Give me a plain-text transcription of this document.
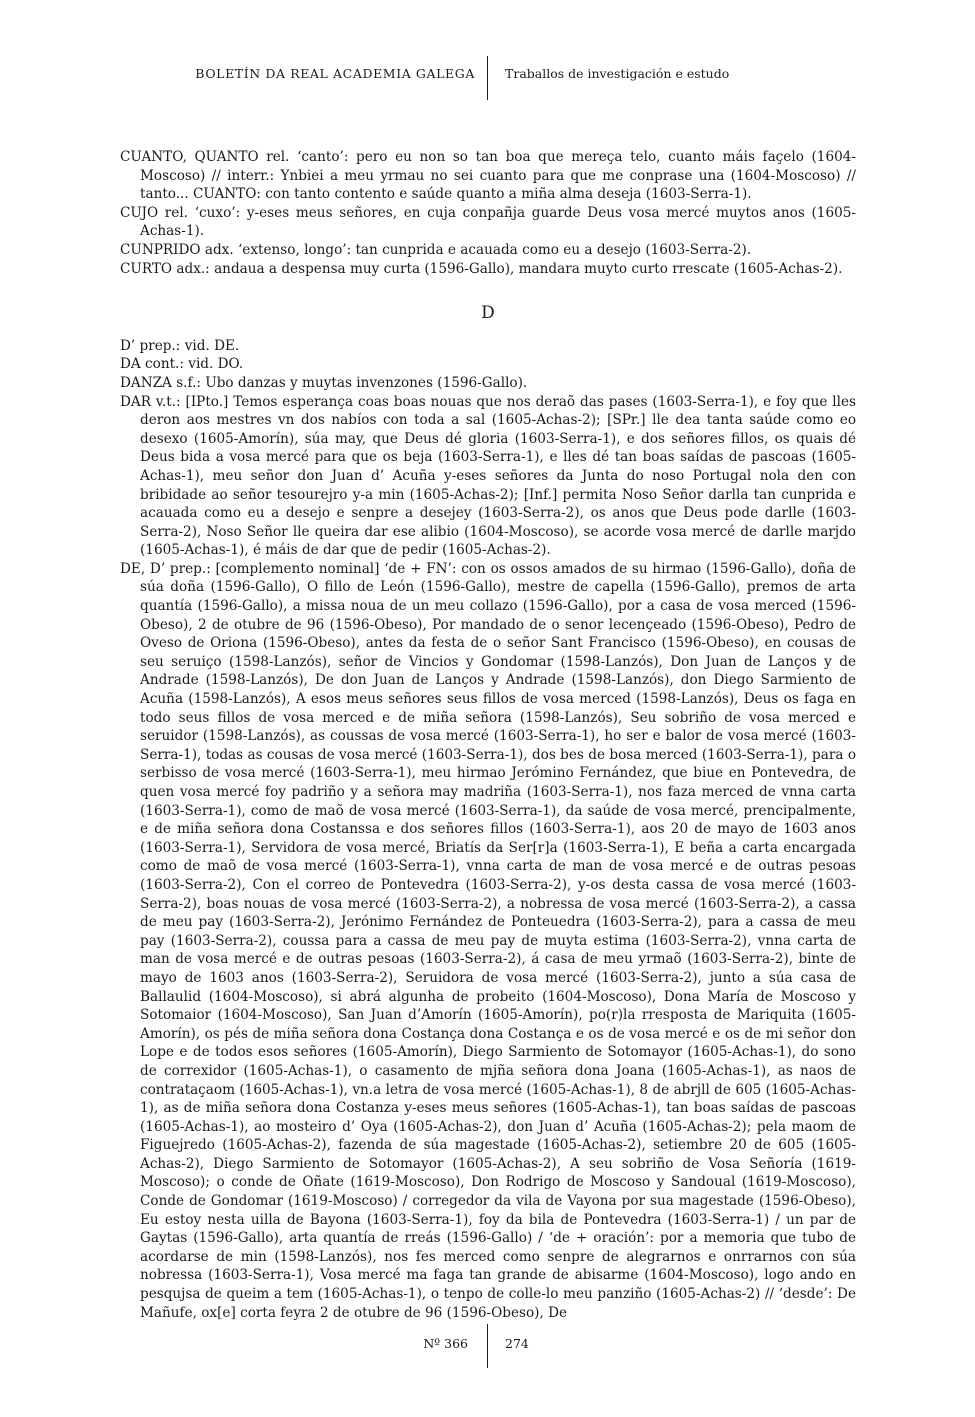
BOLETÍN DA REAL ACADEMIA GALEGA Traballos de investigación e estudo

CUANTO, QUANTO rel. ‘canto’: pero eu non so tan boa que mereça telo, cuanto máis façelo (1604-Moscoso) // interr.: Ynbiei a meu yrmau no sei cuanto para que me conprase una (1604-Moscoso) // tanto... CUANTO: con tanto contento e saúde quanto a miña alma deseja (1603-Serra-1).

CUJO rel. ‘cuxo’: y-eses meus señores, en cuja conpañja guarde Deus vosa mercé muytos anos (1605-Achas-1).

CUNPRIDO adx. ‘extenso, longo’: tan cunprida e acauada como eu a desejo (1603-Serra-2).

CURTO adx.: andaua a despensa muy curta (1596-Gallo), mandara muyto curto rrescate (1605-Achas-2).

D

D’ prep.: vid. DE.

DA cont.: vid. DO.

DANZA s.f.: Ubo danzas y muytas invenzones (1596-Gallo).

DAR v.t.: [IPto.] Temos esperança coas boas nouas que nos deraõ das pases (1603-Serra-1), e foy que lles deron aos mestres vn dos nabíos con toda a sal (1605-Achas-2); [SPr.] lle dea tanta saúde como eo desexo (1605-Amorín), súa may, que Deus dé gloria (1603-Serra-1), e dos señores fillos, os quais dé Deus bida a vosa mercé para que os beja (1603-Serra-1), e lles dé tan boas saídas de pascoas (1605-Achas-1), meu señor don Juan d’ Acuña y-eses señores da Junta do noso Portugal nola den con bribidade ao señor tesourejro y-a min (1605-Achas-2); [Inf.] permita Noso Señor darlla tan cunprida e acauada como eu a desejo e senpre a desejey (1603-Serra-2), os anos que Deus pode darlle (1603-Serra-2), Noso Señor lle queira dar ese alibio (1604-Moscoso), se acorde vosa mercé de darlle marjdo (1605-Achas-1), é máis de dar que de pedir (1605-Achas-2).

DE, D’ prep.: [complemento nominal] ‘de + FN’: con os ossos amados de su hirmao (1596-Gallo), doña de súa doña (1596-Gallo), O fillo de León (1596-Gallo), mestre de capella (1596-Gallo), premos de arta quantía (1596-Gallo), a missa noua de un meu collazo (1596-Gallo), por a casa de vosa merced (1596-Obeso), 2 de otubre de 96 (1596-Obeso), Por mandado de o senor lecençeado (1596-Obeso), Pedro de Oveso de Oriona (1596-Obeso), antes da festa de o señor Sant Francisco (1596-Obeso), en cousas de seu seruiço (1598-Lanzós), señor de Vincios y Gondomar (1598-Lanzós), Don Juan de Lanços y de Andrade (1598-Lanzós), De don Juan de Lanços y Andrade (1598-Lanzós), don Diego Sarmiento de Acuña (1598-Lanzós), A esos meus señores seus fillos de vosa merced (1598-Lanzós), Deus os faga en todo seus fillos de vosa merced e de miña señora (1598-Lanzós), Seu sobriño de vosa merced e seruidor (1598-Lanzós), as coussas de vosa mercé (1603-Serra-1), ho ser e balor de vosa mercé (1603-Serra-1), todas as cousas de vosa mercé (1603-Serra-1), dos bes de bosa merced (1603-Serra-1), para o serbisso de vosa mercé (1603-Serra-1), meu hirmao Jerómino Fernández, que biue en Pontevedra, de quen vosa mercé foy padriño y a señora may madriña (1603-Serra-1), nos faza merced de vnna carta (1603-Serra-1), como de maõ de vosa mercé (1603-Serra-1), da saúde de vosa mercé, prencipalmente, e de miña señora dona Costanssa e dos señores fillos (1603-Serra-1), aos 20 de mayo de 1603 anos (1603-Serra-1), Servidora de vosa mercé, Briatís da Ser[r]a (1603-Serra-1), E beña a carta encargada como de maõ de vosa mercé (1603-Serra-1), vnna carta de man de vosa mercé e de outras pesoas (1603-Serra-2), Con el correo de Pontevedra (1603-Serra-2), y-os desta cassa de vosa mercé (1603-Serra-2), boas nouas de vosa mercé (1603-Serra-2), a nobressa de vosa mercé (1603-Serra-2), a cassa de meu pay (1603-Serra-2), Jerónimo Fernández de Ponteuedra (1603-Serra-2), para a cassa de meu pay (1603-Serra-2), coussa para a cassa de meu pay de muyta estima (1603-Serra-2), vnna carta de man de vosa mercé e de outras pesoas (1603-Serra-2), á casa de meu yrmaõ (1603-Serra-2), binte de mayo de 1603 anos (1603-Serra-2), Seruidora de vosa mercé (1603-Serra-2), junto a súa casa de Ballaulid (1604-Moscoso), si abrá algunha de probeito (1604-Moscoso), Dona María de Moscoso y Sotomaior (1604-Moscoso), San Juan d’Amorín (1605-Amorín), po(r)la rresposta de Mariquita (1605-Amorín), os pés de miña señora dona Costança dona Costança e os de vosa mercé e os de mi señor don Lope e de todos esos señores (1605-Amorín), Diego Sarmiento de Sotomayor (1605-Achas-1), do sono de correxidor (1605-Achas-1), o casamento de mjña señora dona Joana (1605-Achas-1), as naos de contrataçaom (1605-Achas-1), vn.a letra de vosa mercé (1605-Achas-1), 8 de abrjll de 605 (1605-Achas-1), as de miña señora dona Costanza y-eses meus señores (1605-Achas-1), tan boas saídas de pascoas (1605-Achas-1), ao mosteiro d’ Oya (1605-Achas-2), don Juan d’ Acuña (1605-Achas-2); pela maom de Figuejredo (1605-Achas-2), fazenda de súa magestade (1605-Achas-2), setiembre 20 de 605 (1605-Achas-2), Diego Sarmiento de Sotomayor (1605-Achas-2), A seu sobriño de Vosa Señoría (1619-Moscoso); o conde de Oñate (1619-Moscoso), Don Rodrigo de Moscoso y Sandoual (1619-Moscoso), Conde de Gondomar (1619-Moscoso) / corregedor da vila de Vayona por sua magestade (1596-Obeso), Eu estoy nesta uilla de Bayona (1603-Serra-1), foy da bila de Pontevedra (1603-Serra-1) / un par de Gaytas (1596-Gallo), arta quantía de rreás (1596-Gallo) / ‘de + oración’: por a memoria que tubo de acordarse de min (1598-Lanzós), nos fes merced como senpre de alegrarnos e onrrarnos con súa nobressa (1603-Serra-1), Vosa mercé ma faga tan grande de abisarme (1604-Moscoso), logo ando en pesqujsa de queim a tem (1605-Achas-1), o tenpo de colle-lo meu panziño (1605-Achas-2) // ‘desde’: De Mañufe, ox[e] corta feyra 2 de otubre de 96 (1596-Obeso), De

Nº 366	274
